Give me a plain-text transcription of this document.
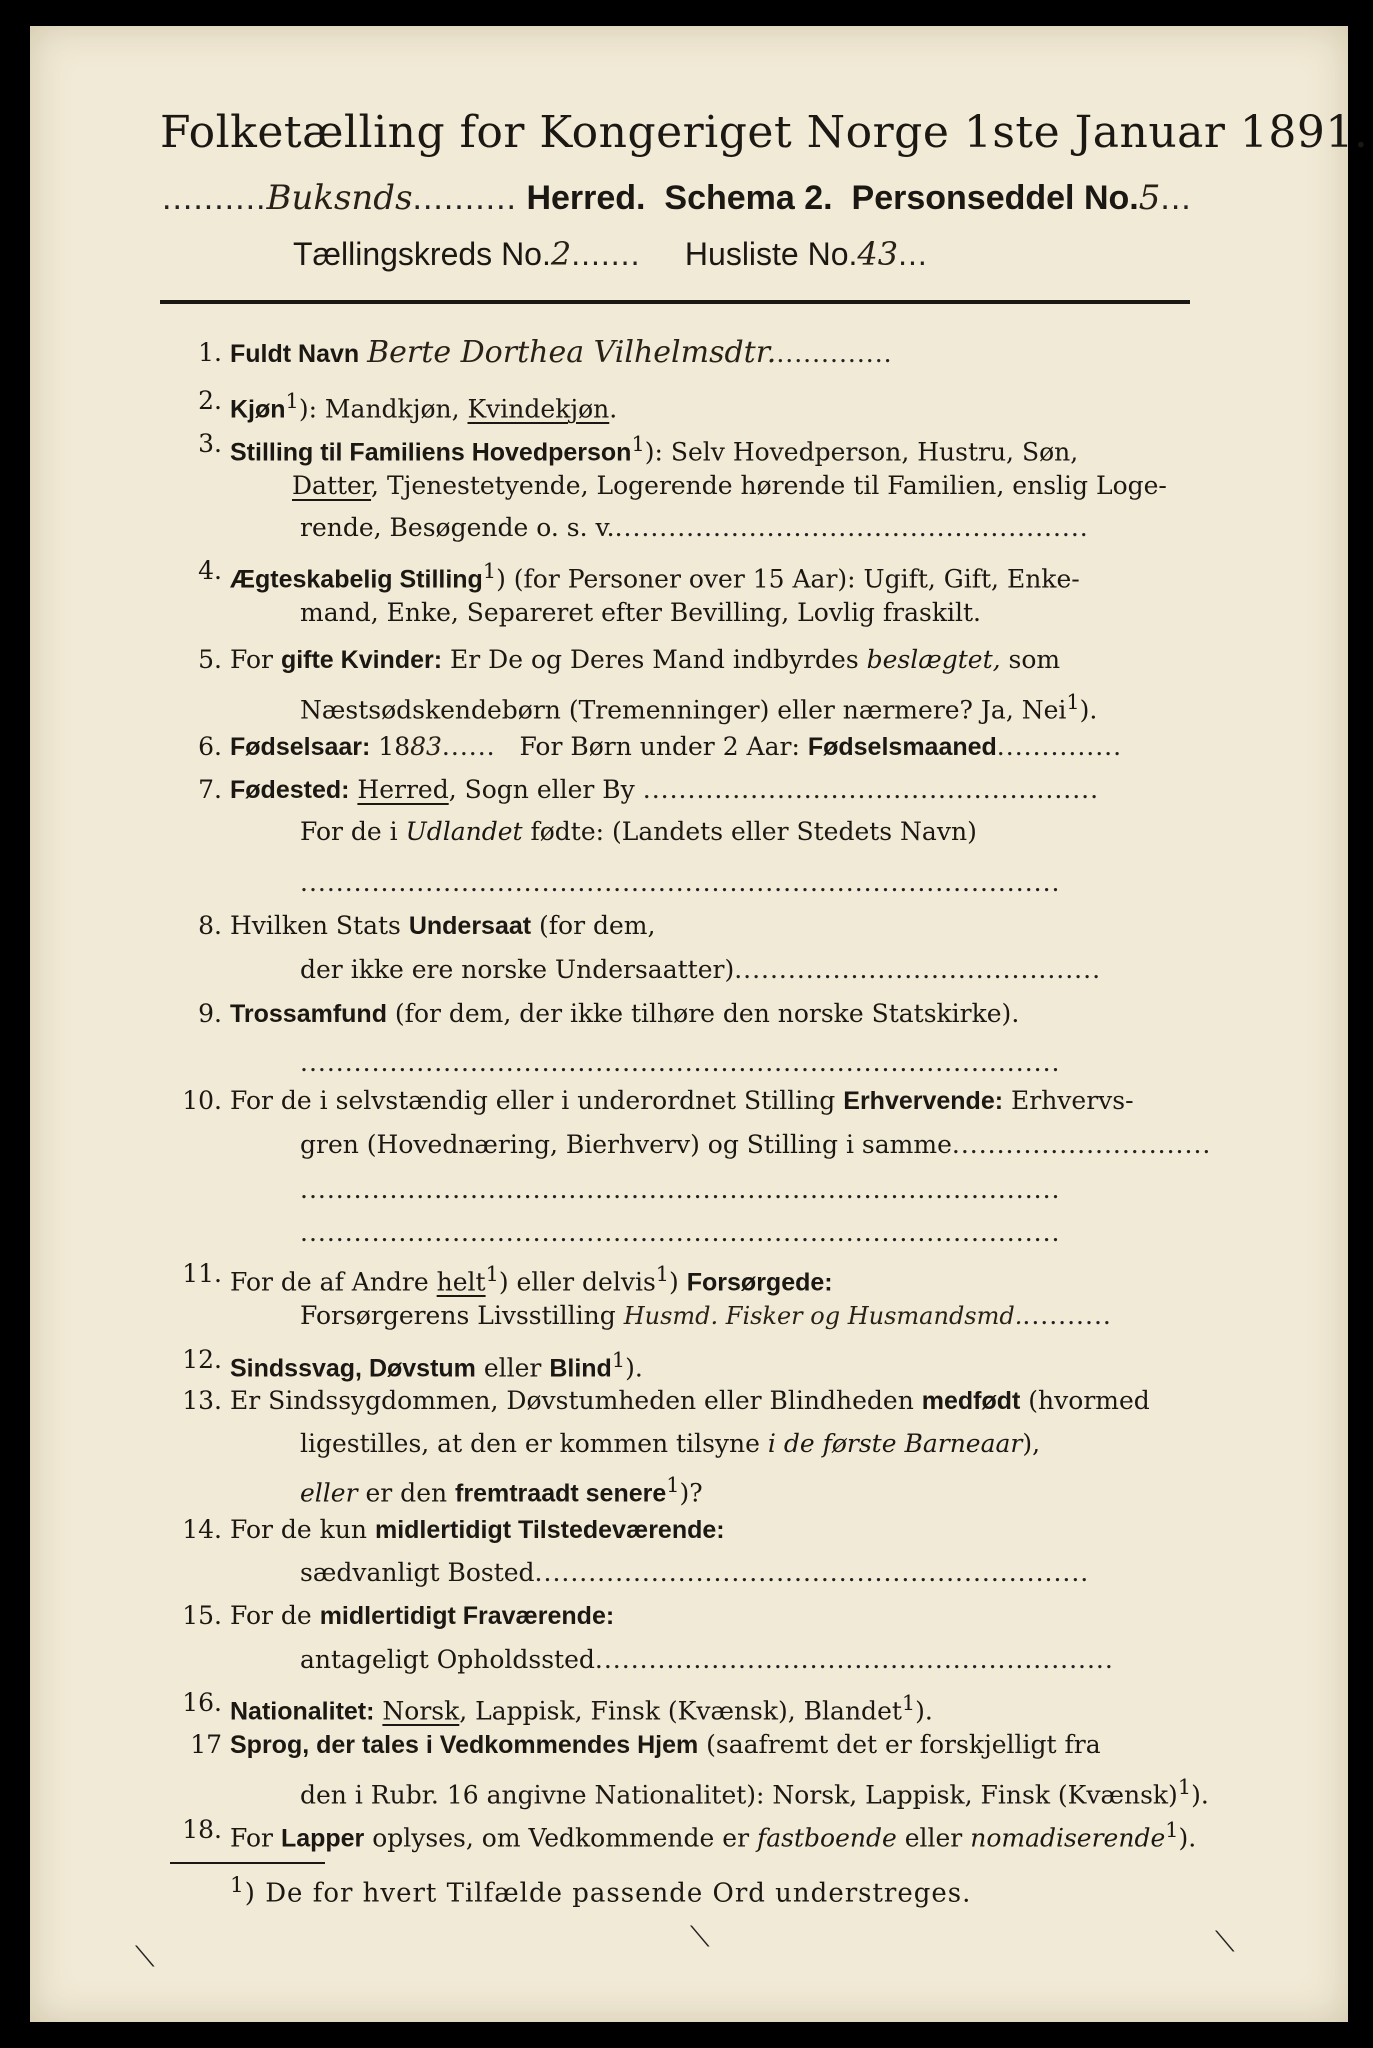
Folketælling for Kongeriget Norge 1ste Januar 1891.
..........Buksnds.......... Herred. Schema 2. Personseddel No.5...
Tællingskreds No.2....... Husliste No.43...
1. Fuldt Navn Berte Dorthea Vilhelmsdtr..............
2. Kjøn$^1$): Mandkjøn, Kvindekjøn.
3. Stilling til Familiens Hovedperson$^1$): Selv Hovedperson, Hustru, Søn,
Datter, Tjenestetyende, Logerende hørende til Familien, enslig Loge-
rende, Besøgende o. s. v......................................................
4. Ægteskabelig Stilling$^1$) (for Personer over 15 Aar): Ugift, Gift, Enke-
mand, Enke, Separeret efter Bevilling, Lovlig fraskilt.
5. For gifte Kvinder: Er De og Deres Mand indbyrdes beslægtet, som
Næstsødskendebørn (Tremenninger) eller nærmere? Ja, Nei$^1$).
6. Fødselsaar: 1883...... For Børn under 2 Aar: Fødselsmaaned..............
7. Fødested: Herred, Sogn eller By ...................................................
For de i Udlandet fødte: (Landets eller Stedets Navn)
.....................................................................................
8. Hvilken Stats Undersaat (for dem,
der ikke ere norske Undersaatter).........................................
9. Trossamfund (for dem, der ikke tilhøre den norske Statskirke).
.....................................................................................
10. For de i selvstændig eller i underordnet Stilling Erhvervende: Erhvervs-
gren (Hovednæring, Bierhverv) og Stilling i samme.............................
.....................................................................................
.....................................................................................
11. For de af Andre helt$^1$) eller delvis$^1$) Forsørgede:
Forsørgerens Livsstilling Husmd. Fisker og Husmandsmd...........
12. Sindssvag, Døvstum eller Blind$^1$).
13. Er Sindssygdommen, Døvstumheden eller Blindheden medfødt (hvormed
ligestilles, at den er kommen tilsyne i de første Barneaar),
eller er den fremtraadt senere$^1$)?
14. For de kun midlertidigt Tilstedeværende:
sædvanligt Bosted..............................................................
15. For de midlertidigt Fraværende:
antageligt Opholdssted..........................................................
16. Nationalitet: Norsk, Lappisk, Finsk (Kvænsk), Blandet$^1$).
17 Sprog, der tales i Vedkommendes Hjem (saafremt det er forskjelligt fra
den i Rubr. 16 angivne Nationalitet): Norsk, Lappisk, Finsk (Kvænsk)$^1$).
18. For Lapper oplyses, om Vedkommende er fastboende eller nomadiserende$^1$).
$^1$) De for hvert Tilfælde passende Ord understreges.
⟍
⟍	⟍
